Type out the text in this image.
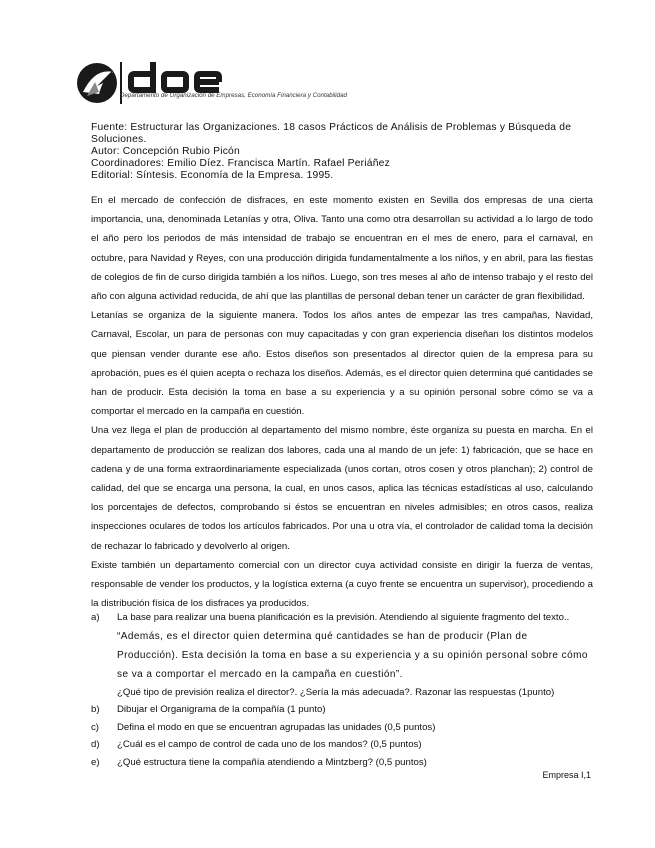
Departamento de Organización de Empresas, Economía Financiera y Contabilidad
Fuente: Estructurar las Organizaciones. 18 casos Prácticos de Análisis de Problemas y Búsqueda de Soluciones.
Autor: Concepción Rubio Picón
Coordinadores: Emilio Díez. Francisca Martín. Rafael Periáñez
Editorial: Síntesis. Economía de la Empresa. 1995.

En el mercado de confección de disfraces, en este momento existen en Sevilla dos empresas de una cierta importancia, una, denominada Letanías y otra, Oliva. Tanto una como otra desarrollan su actividad a lo largo de todo el año pero los periodos de más intensidad de trabajo se encuentran en el mes de enero, para el carnaval, en octubre, para Navidad y Reyes, con una producción dirigida fundamentalmente a los niños, y en abril, para las fiestas de colegios de fin de curso dirigida también a los niños. Luego, son tres meses al año de intenso trabajo y el resto del año con alguna actividad reducida, de ahí que las plantillas de personal deban tener un carácter de gran flexibilidad.

Letanías se organiza de la siguiente manera. Todos los años antes de empezar las tres campañas, Navidad, Carnaval, Escolar, un para de personas con muy capacitadas y con gran experiencia diseñan los distintos modelos que piensan vender durante ese año. Estos diseños son presentados al director quien de la empresa para su aprobación, pues es él quien acepta o rechaza los diseños. Además, es el director quien determina qué cantidades se han de producir. Esta decisión la toma en base a su experiencia y a su opinión personal sobre cómo se va a comportar el mercado en la campaña en cuestión.

Una vez llega el plan de producción al departamento del mismo nombre, éste organiza su puesta en marcha. En el departamento de producción se realizan dos labores, cada una al mando de un jefe: 1) fabricación, que se hace en cadena y de una forma extraordinariamente especializada (unos cortan, otros cosen y otros planchan); 2) control de calidad, del que se encarga una persona, la cual, en unos casos, aplica las técnicas estadísticas al uso, calculando los porcentajes de defectos, comprobando si éstos se encuentran en niveles admisibles; en otros casos, realiza inspecciones oculares de todos los artículos fabricados. Por una u otra vía, el controlador de calidad toma la decisión de rechazar lo fabricado y devolverlo al origen.

Existe también un departamento comercial con un director cuya actividad consiste en dirigir la fuerza de ventas, responsable de vender los productos, y la logística externa (a cuyo frente se encuentra un supervisor), procediendo a la distribución física de los disfraces ya producidos.

a)	La base para realizar una buena planificación es la previsión. Atendiendo al siguiente fragmento del texto..
“Además, es el director quien determina qué cantidades se han de producir (Plan de Producción). Esta decisión la toma en base a su experiencia y a su opinión personal sobre cómo se va a comportar el mercado en la campaña en cuestión”.
¿Qué tipo de previsión realiza el director?. ¿Sería la más adecuada?. Razonar las respuestas (1punto)
b)	Dibujar el Organigrama de la compañía (1 punto)
c)	Defina el modo en que se encuentran agrupadas las unidades (0,5 puntos)
d)	¿Cuál es el campo de control de cada uno de los mandos? (0,5 puntos)
e)	¿Qué estructura tiene la compañía atendiendo a Mintzberg? (0,5 puntos)
Empresa I,1
